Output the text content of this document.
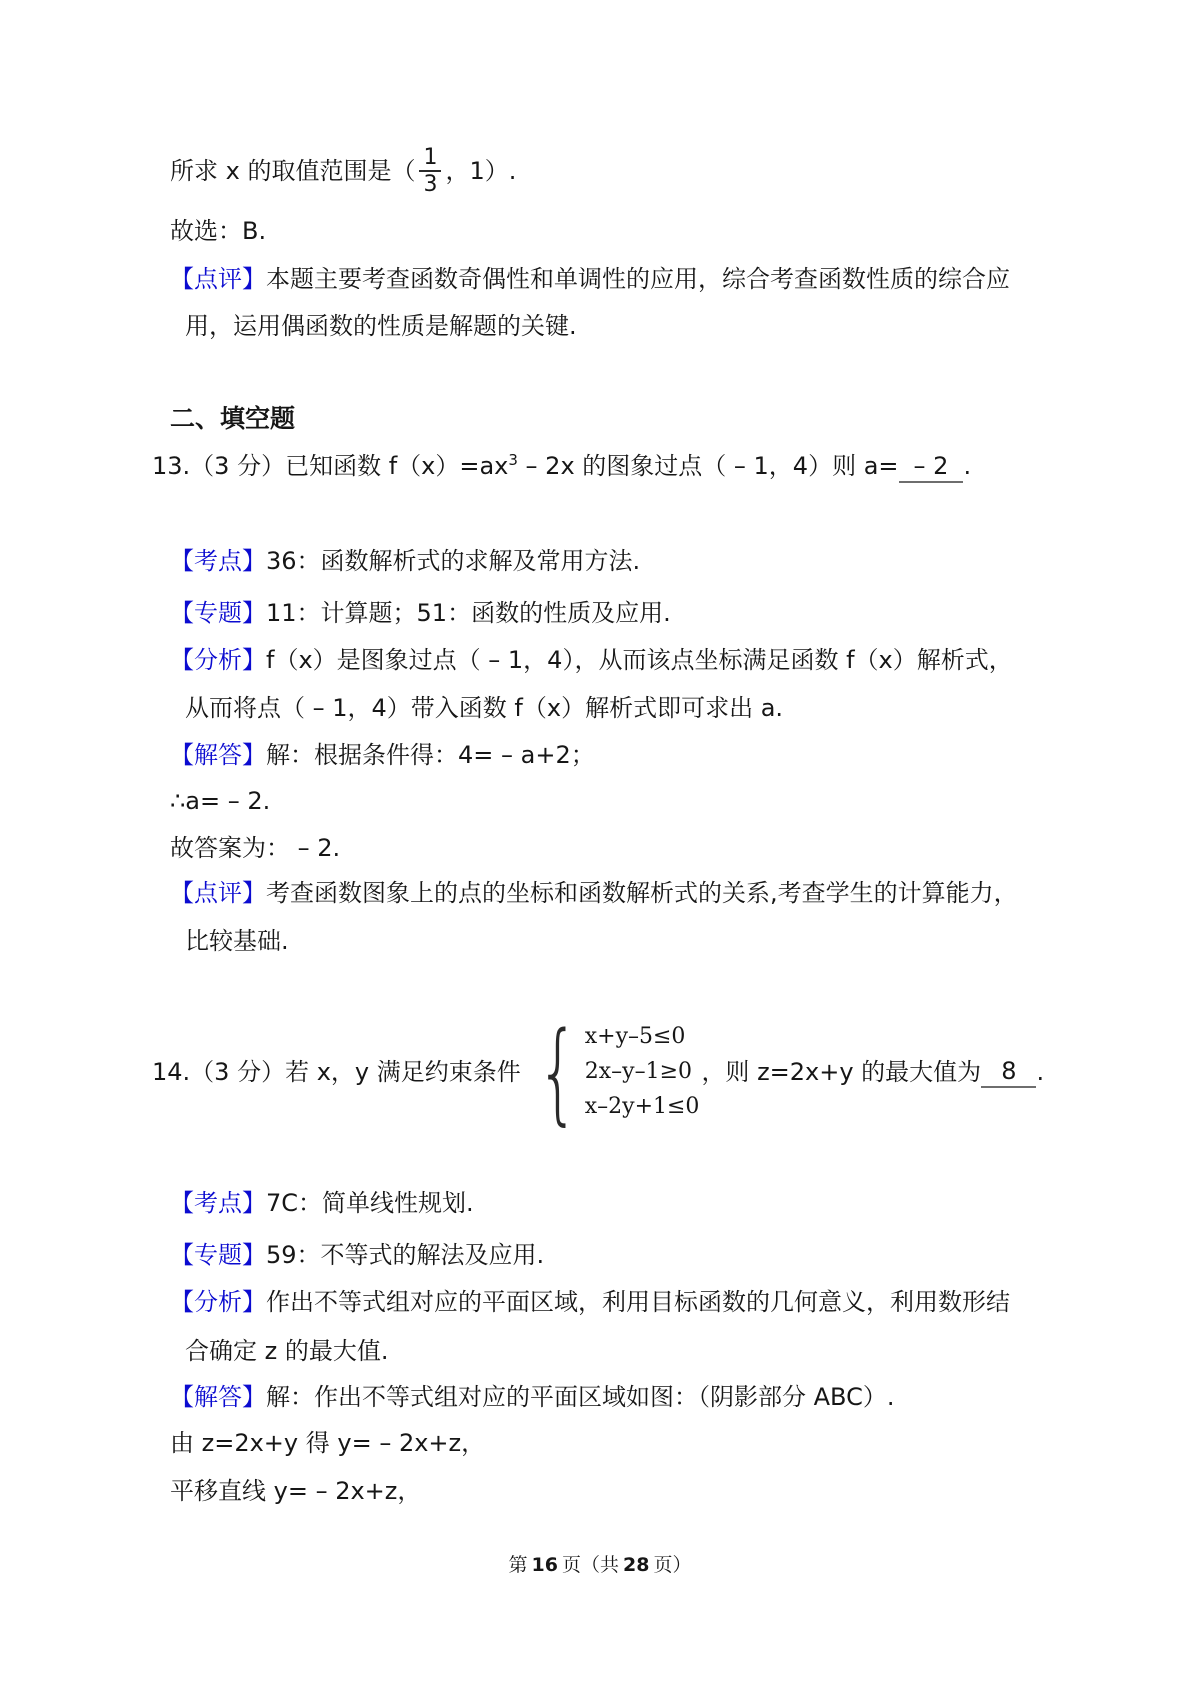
所求 x 的取值范围是（ $\frac{1}{3}$ ，1）.

故选：B.

【点评】本题主要考查函数奇偶性和单调性的应用，综合考查函数性质的综合应

用，运用偶函数的性质是解题的关键.

二、填空题

13.（3 分）已知函数 $f(x)=ax^3 - 2x$ 的图象过点（ – 1，4）则 a= – 2 .

【考点】36：函数解析式的求解及常用方法.

【专题】11：计算题；51：函数的性质及应用.

【分析】f（x）是图象过点（ – 1，4），从而该点坐标满足函数 f（x）解析式，

从而将点（ – 1，4）带入函数 f（x）解析式即可求出 a.

【解答】解：根据条件得：4= – a+2；

∴a= – 2.

故答案为： – 2.

【点评】考查函数图象上的点的坐标和函数解析式的关系,考查学生的计算能力，

比较基础.

14.（3 分）若 x，y 满足约束条件 { x+y–5≤0
2x–y–1≥0
x–2y+1≤0
，则 z=2x+y 的最大值为 8 .

【考点】7C：简单线性规划.

【专题】59：不等式的解法及应用.

【分析】作出不等式组对应的平面区域，利用目标函数的几何意义，利用数形结

合确定 z 的最大值.

【解答】解：作出不等式组对应的平面区域如图：（阴影部分 ABC）.

由 z=2x+y 得 y= – 2x+z，

平移直线 y= – 2x+z，

第 16 页（共 28 页）
